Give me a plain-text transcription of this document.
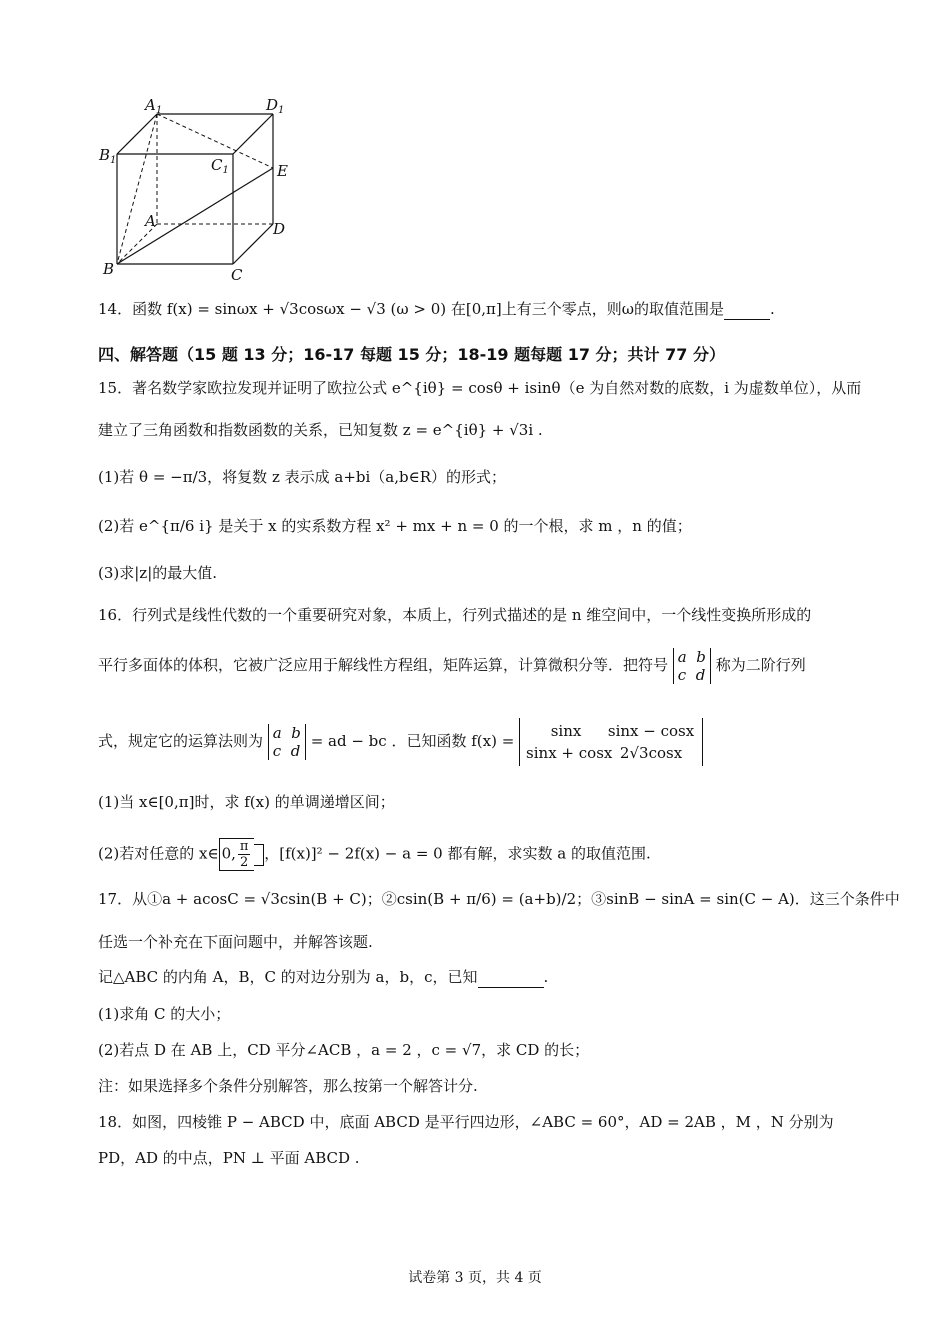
$A_1$	$D_1$
$B_1$	$C_1$	E
A	D
B	C
14．函数 f(x) = sinωx + √3cosωx − √3 (ω > 0) 在[0,π]上有三个零点，则ω的取值范围是	.
四、解答题（15 题 13 分；16-17 每题 15 分；18-19 题每题 17 分；共计 77 分）
15．著名数学家欧拉发现并证明了欧拉公式 e^{iθ} = cosθ + isinθ（e 为自然对数的底数，i 为虚数单位），从而
建立了三角函数和指数函数的关系，已知复数 z = e^{iθ} + √3i .
(1)若 θ = −π/3，将复数 z 表示成 a+bi（a,b∈R）的形式；
(2)若 e^{π/6 i} 是关于 x 的实系数方程 x² + mx + n = 0 的一个根，求 m ，n 的值；
(3)求|z|的最大值.
16．行列式是线性代数的一个重要研究对象，本质上，行列式描述的是 n 维空间中，一个线性变换所形成的
平行多面体的体积，它被广泛应用于解线性方程组，矩阵运算，计算微积分等．把符号 a b
c d 称为二阶行列
式，规定它的运算法则为 a b
c d = ad − bc ．已知函数 f(x) =
sinx sinx − cosx
sinx + cosx 2√3cosx
(1)当 x∈[0,π]时，求 f(x) 的单调递增区间；
(2)若对任意的 x∈ 0, $\frac{\pi}{2}$ ，[f(x)]² − 2f(x) − a = 0 都有解，求实数 a 的取值范围.
17．从①a + acosC = √3csin(B + C)；②csin(B + π/6) = (a+b)/2；③sinB − sinA = sin(C − A)．这三个条件中
任选一个补充在下面问题中，并解答该题.
记△ABC 的内角 A，B，C 的对边分别为 a，b，c，已知	.
(1)求角 C 的大小；
(2)若点 D 在 AB 上，CD 平分∠ACB ，a = 2 ，c = √7，求 CD 的长；
注：如果选择多个条件分别解答，那么按第一个解答计分.
18．如图，四棱锥 P − ABCD 中，底面 ABCD 是平行四边形，∠ABC = 60°，AD = 2AB ，M ，N 分别为
PD，AD 的中点，PN ⊥ 平面 ABCD .
试卷第 3 页，共 4 页
